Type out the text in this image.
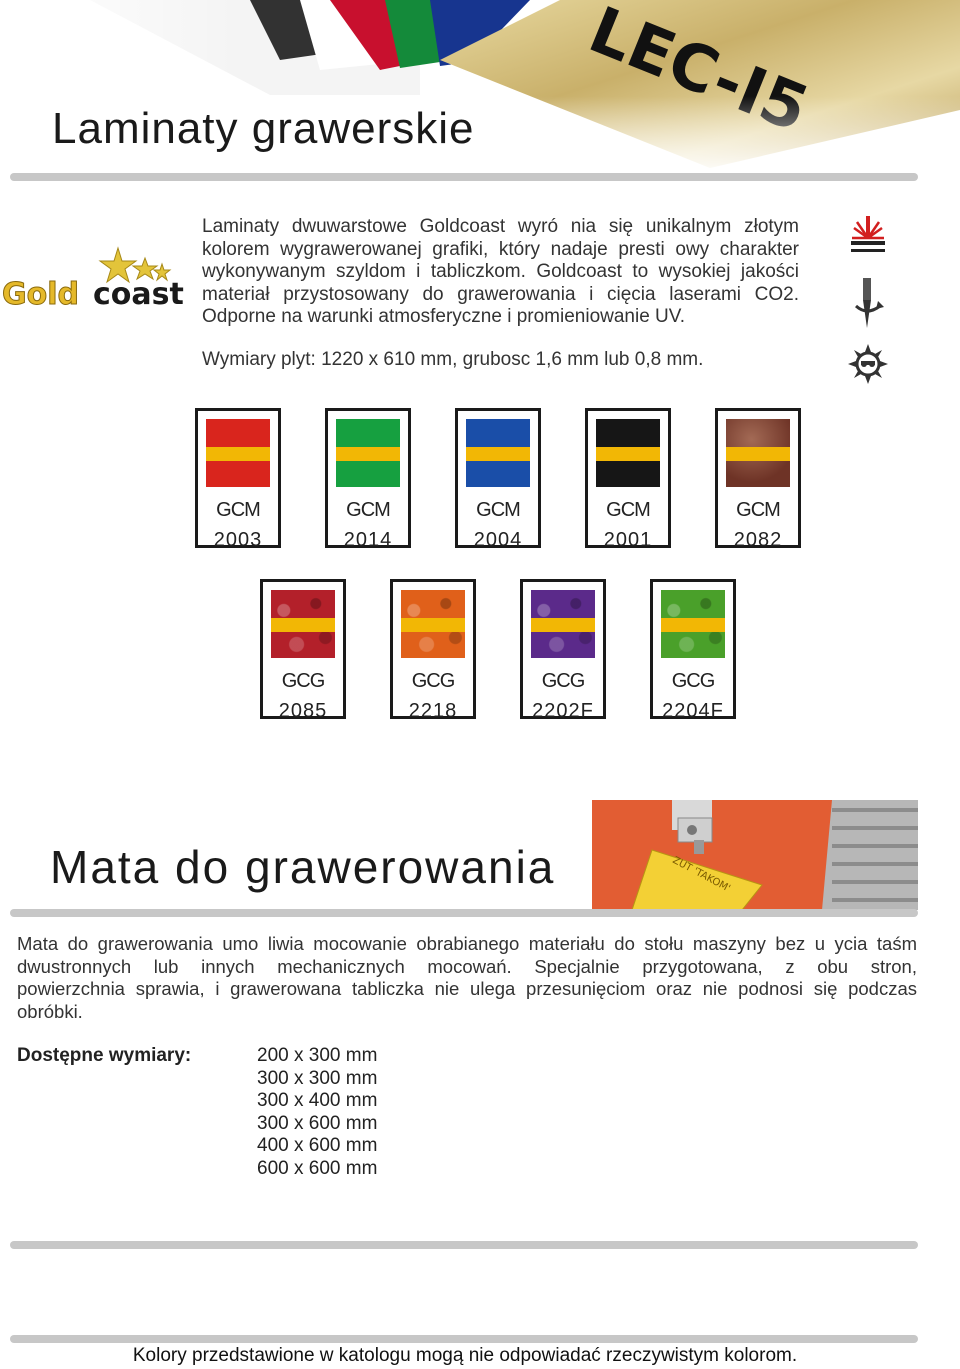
Laminaty grawerskie
Gold coast
Laminaty dwuwarstowe Goldcoast wyró nia się unikalnym złotym
kolorem wygrawerowanej grafiki, który nadaje presti owy charakter
wykonywanym szyldom i tabliczkom. Goldcoast to wysokiej jakości
materiał przystosowany do grawerowania i cięcia laserami CO2.
Odporne na warunki atmosferyczne i promieniowanie UV.
Wymiary plyt: 1220 x 610 mm, grubosc 1,6 mm lub 0,8 mm.
GCM
2003
GCM
2014
GCM
2004
GCM
2001
GCM
2082
GCG
2085
GCG
2218
GCG
2202F
GCG
2204F
Mata do grawerowania	ZUT 'TAKOM'
Mata do grawerowania umo liwia mocowanie obrabianego materiału do stołu maszyny bez u ycia taśm
dwustronnych lub innych mechanicznych mocowań. Specjalnie przygotowana, z obu stron,
powierzchnia sprawia, i grawerowana tabliczka nie ulega przesunięciom oraz nie podnosi się podczas
obróbki.
Dostępne wymiary:	200 x 300 mm
300 x 300 mm
300 x 400 mm
300 x 600 mm
400 x 600 mm
600 x 600 mm
Kolory przedstawione w katologu mogą nie odpowiadać rzeczywistym kolorom.
